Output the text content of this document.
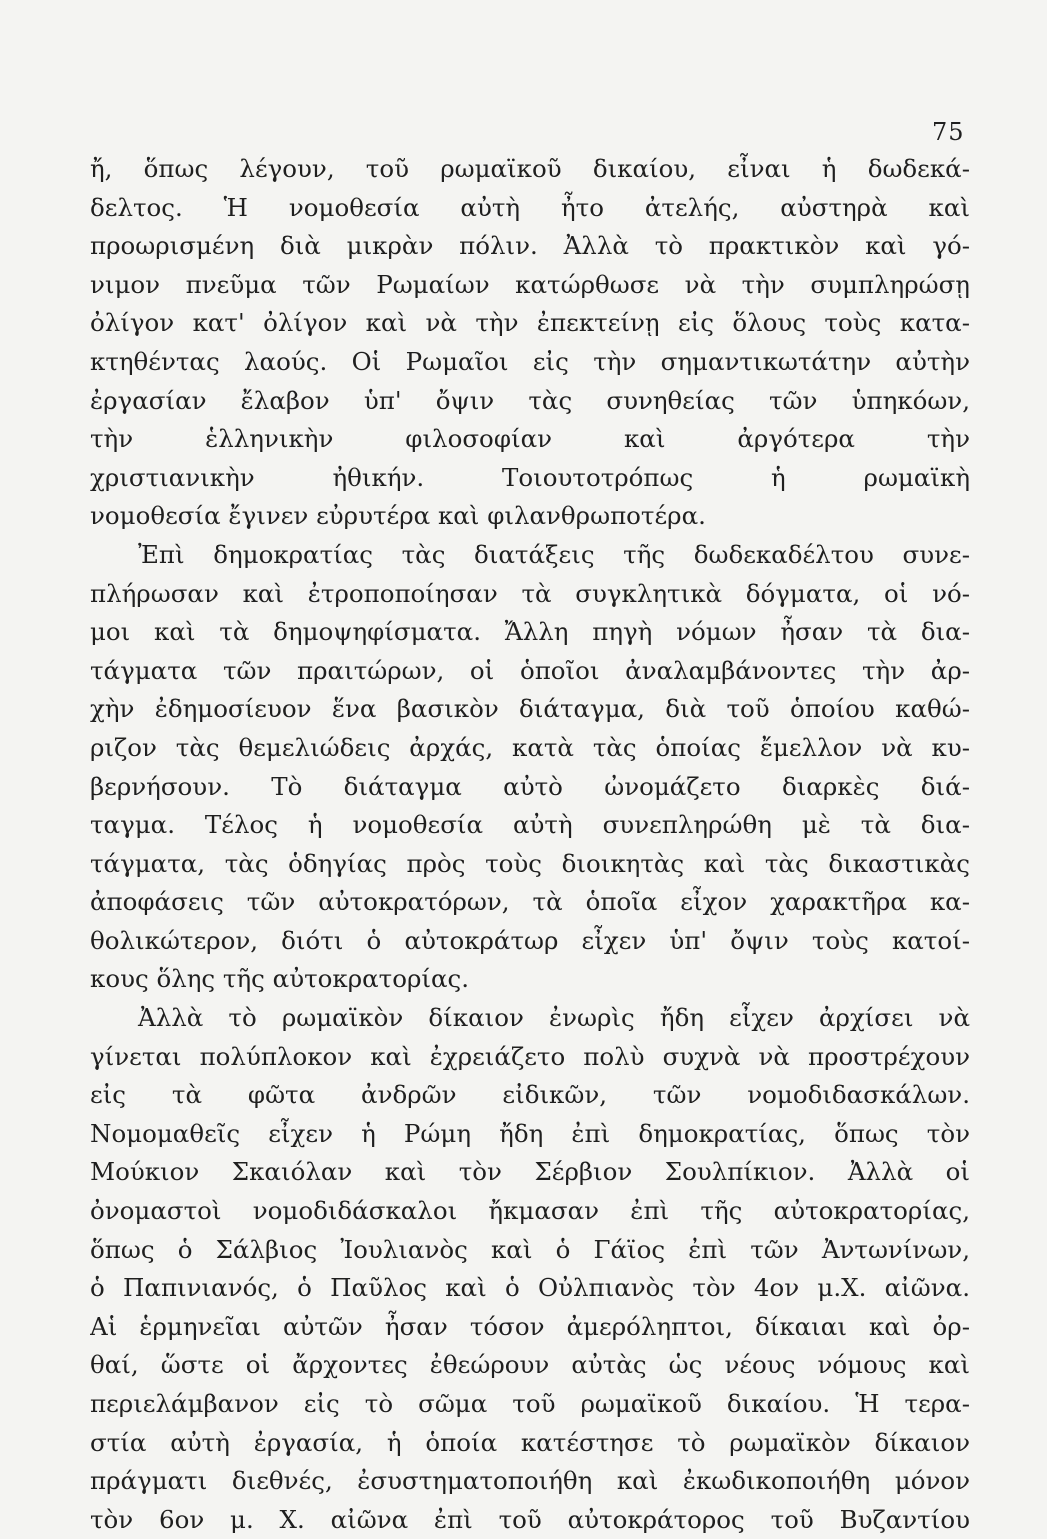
75
ἤ, ὅπως λέγουν, τοῦ ρωμαϊκοῦ δικαίου, εἶναι ἡ δωδεκά-
δελτος. Ἡ νομοθεσία αὐτὴ ἦτο ἀτελής, αὐστηρὰ καὶ
προωρισμένη διὰ μικρὰν πόλιν. Ἀλλὰ τὸ πρακτικὸν καὶ γό-
νιμον πνεῦμα τῶν Ρωμαίων κατώρθωσε νὰ τὴν συμπληρώσῃ
ὀλίγον κατ' ὀλίγον καὶ νὰ τὴν ἐπεκτείνῃ εἰς ὅλους τοὺς κατα-
κτηθέντας λαούς. Οἱ Ρωμαῖοι εἰς τὴν σημαντικωτάτην αὐτὴν
ἐργασίαν ἔλαβον ὑπ' ὄψιν τὰς συνηθείας τῶν ὑπηκόων,
τὴν ἑλληνικὴν φιλοσοφίαν καὶ ἀργότερα τὴν
χριστιανικὴν ἠθικήν. Τοιουτοτρόπως ἡ ρωμαϊκὴ
νομοθεσία ἔγινεν εὐρυτέρα καὶ φιλανθρωποτέρα.
Ἐπὶ δημοκρατίας τὰς διατάξεις τῆς δωδεκαδέλτου συνε-
πλήρωσαν καὶ ἐτροποποίησαν τὰ συγκλητικὰ δόγματα, οἱ νό-
μοι καὶ τὰ δημοψηφίσματα. Ἄλλη πηγὴ νόμων ἦσαν τὰ δια-
τάγματα τῶν πραιτώρων, οἱ ὁποῖοι ἀναλαμβάνοντες τὴν ἀρ-
χὴν ἐδημοσίευον ἕνα βασικὸν διάταγμα, διὰ τοῦ ὁποίου καθώ-
ριζον τὰς θεμελιώδεις ἀρχάς, κατὰ τὰς ὁποίας ἔμελλον νὰ κυ-
βερνήσουν. Τὸ διάταγμα αὐτὸ ὠνομάζετο διαρκὲς διά-
ταγμα. Τέλος ἡ νομοθεσία αὐτὴ συνεπληρώθη μὲ τὰ δια-
τάγματα, τὰς ὁδηγίας πρὸς τοὺς διοικητὰς καὶ τὰς δικαστικὰς
ἀποφάσεις τῶν αὐτοκρατόρων, τὰ ὁποῖα εἶχον χαρακτῆρα κα-
θολικώτερον, διότι ὁ αὐτοκράτωρ εἶχεν ὑπ' ὄψιν τοὺς κατοί-
κους ὅλης τῆς αὐτοκρατορίας.
Ἀλλὰ τὸ ρωμαϊκὸν δίκαιον ἐνωρὶς ἤδη εἶχεν ἀρχίσει νὰ
γίνεται πολύπλοκον καὶ ἐχρειάζετο πολὺ συχνὰ νὰ προστρέχουν
εἰς τὰ φῶτα ἀνδρῶν εἰδικῶν, τῶν νομοδιδασκάλων.
Νομομαθεῖς εἶχεν ἡ Ρώμη ἤδη ἐπὶ δημοκρατίας, ὅπως τὸν
Μούκιον Σκαιόλαν καὶ τὸν Σέρβιον Σουλπίκιον. Ἀλλὰ οἱ
ὀνομαστοὶ νομοδιδάσκαλοι ἤκμασαν ἐπὶ τῆς αὐτοκρατορίας,
ὅπως ὁ Σάλβιος Ἰουλιανὸς καὶ ὁ Γάϊος ἐπὶ τῶν Ἀντωνίνων,
ὁ Παπινιανός, ὁ Παῦλος καὶ ὁ Οὐλπιανὸς τὸν 4ον μ.Χ. αἰῶνα.
Αἱ ἑρμηνεῖαι αὐτῶν ἦσαν τόσον ἀμερόληπτοι, δίκαιαι καὶ ὀρ-
θαί, ὥστε οἱ ἄρχοντες ἐθεώρουν αὐτὰς ὡς νέους νόμους καὶ
περιελάμβανον εἰς τὸ σῶμα τοῦ ρωμαϊκοῦ δικαίου. Ἡ τερα-
στία αὐτὴ ἐργασία, ἡ ὁποία κατέστησε τὸ ρωμαϊκὸν δίκαιον
πράγματι διεθνές, ἐσυστηματοποιήθη καὶ ἐκωδικοποιήθη μόνον
τὸν 6ον μ. Χ. αἰῶνα ἐπὶ τοῦ αὐτοκράτορος τοῦ Βυζαντίου
